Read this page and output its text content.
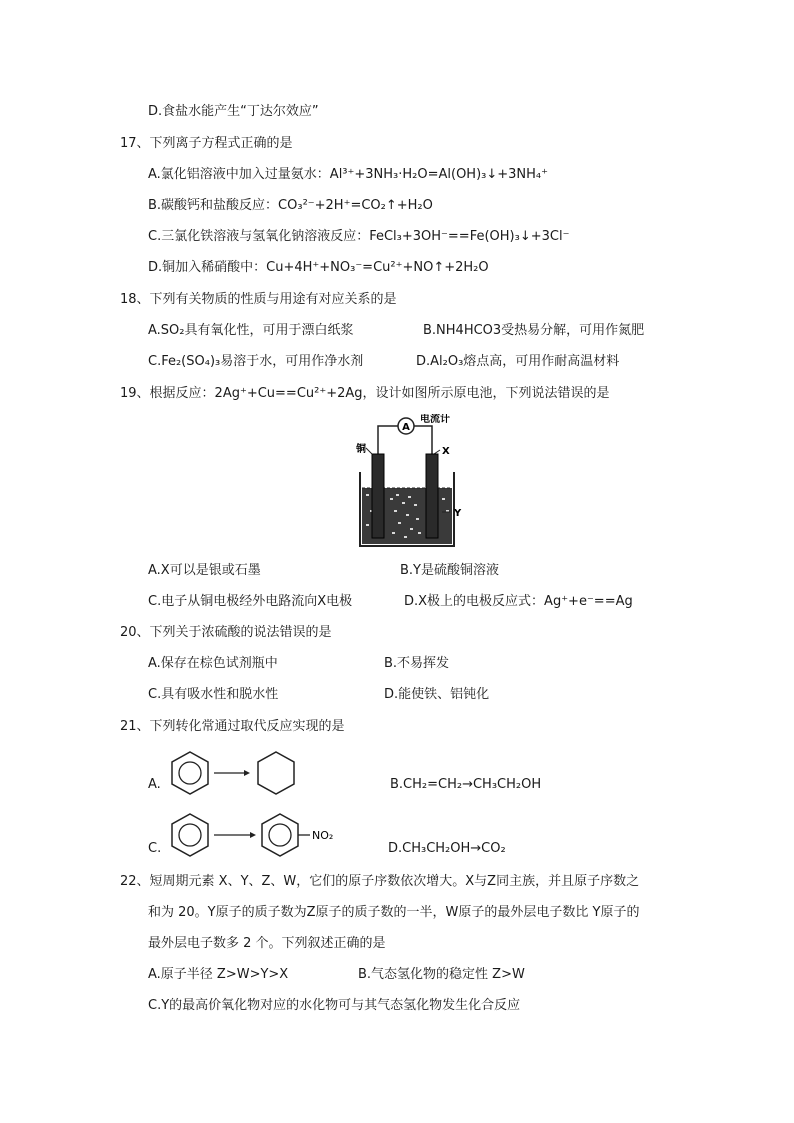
D.食盐水能产生“丁达尔效应”
17、下列离子方程式正确的是
A.氯化铝溶液中加入过量氨水：Al³⁺+3NH₃·H₂O=Al(OH)₃↓+3NH₄⁺
B.碳酸钙和盐酸反应：CO₃²⁻+2H⁺=CO₂↑+H₂O
C.三氯化铁溶液与氢氧化钠溶液反应：FeCl₃+3OH⁻==Fe(OH)₃↓+3Cl⁻
D.铜加入稀硝酸中：Cu+4H⁺+NO₃⁻=Cu²⁺+NO↑+2H₂O
18、下列有关物质的性质与用途有对应关系的是
A.SO₂具有氧化性，可用于漂白纸浆	B.NH4HCO3受热易分解，可用作氮肥
C.Fe₂(SO₄)₃易溶于水，可用作净水剂	D.Al₂O₃熔点高，可用作耐高温材料
19、根据反应：2Ag⁺+Cu==Cu²⁺+2Ag，设计如图所示原电池，下列说法错误的是
A
电流计
铜	X
Y
A.X可以是银或石墨	B.Y是硫酸铜溶液
C.电子从铜电极经外电路流向X电极	D.X极上的电极反应式：Ag⁺+e⁻==Ag
20、下列关于浓硫酸的说法错误的是
A.保存在棕色试剂瓶中	B.不易挥发
C.具有吸水性和脱水性	D.能使铁、铝钝化
21、下列转化常通过取代反应实现的是
A.	B.CH₂=CH₂→CH₃CH₂OH
C.
NO₂
D.CH₃CH₂OH→CO₂
22、短周期元素 X、Y、Z、W，它们的原子序数依次增大。X与Z同主族，并且原子序数之
和为 20。Y原子的质子数为Z原子的质子数的一半，W原子的最外层电子数比 Y原子的
最外层电子数多 2 个。下列叙述正确的是
A.原子半径 Z>W>Y>X	B.气态氢化物的稳定性 Z>W
C.Y的最高价氧化物对应的水化物可与其气态氢化物发生化合反应
